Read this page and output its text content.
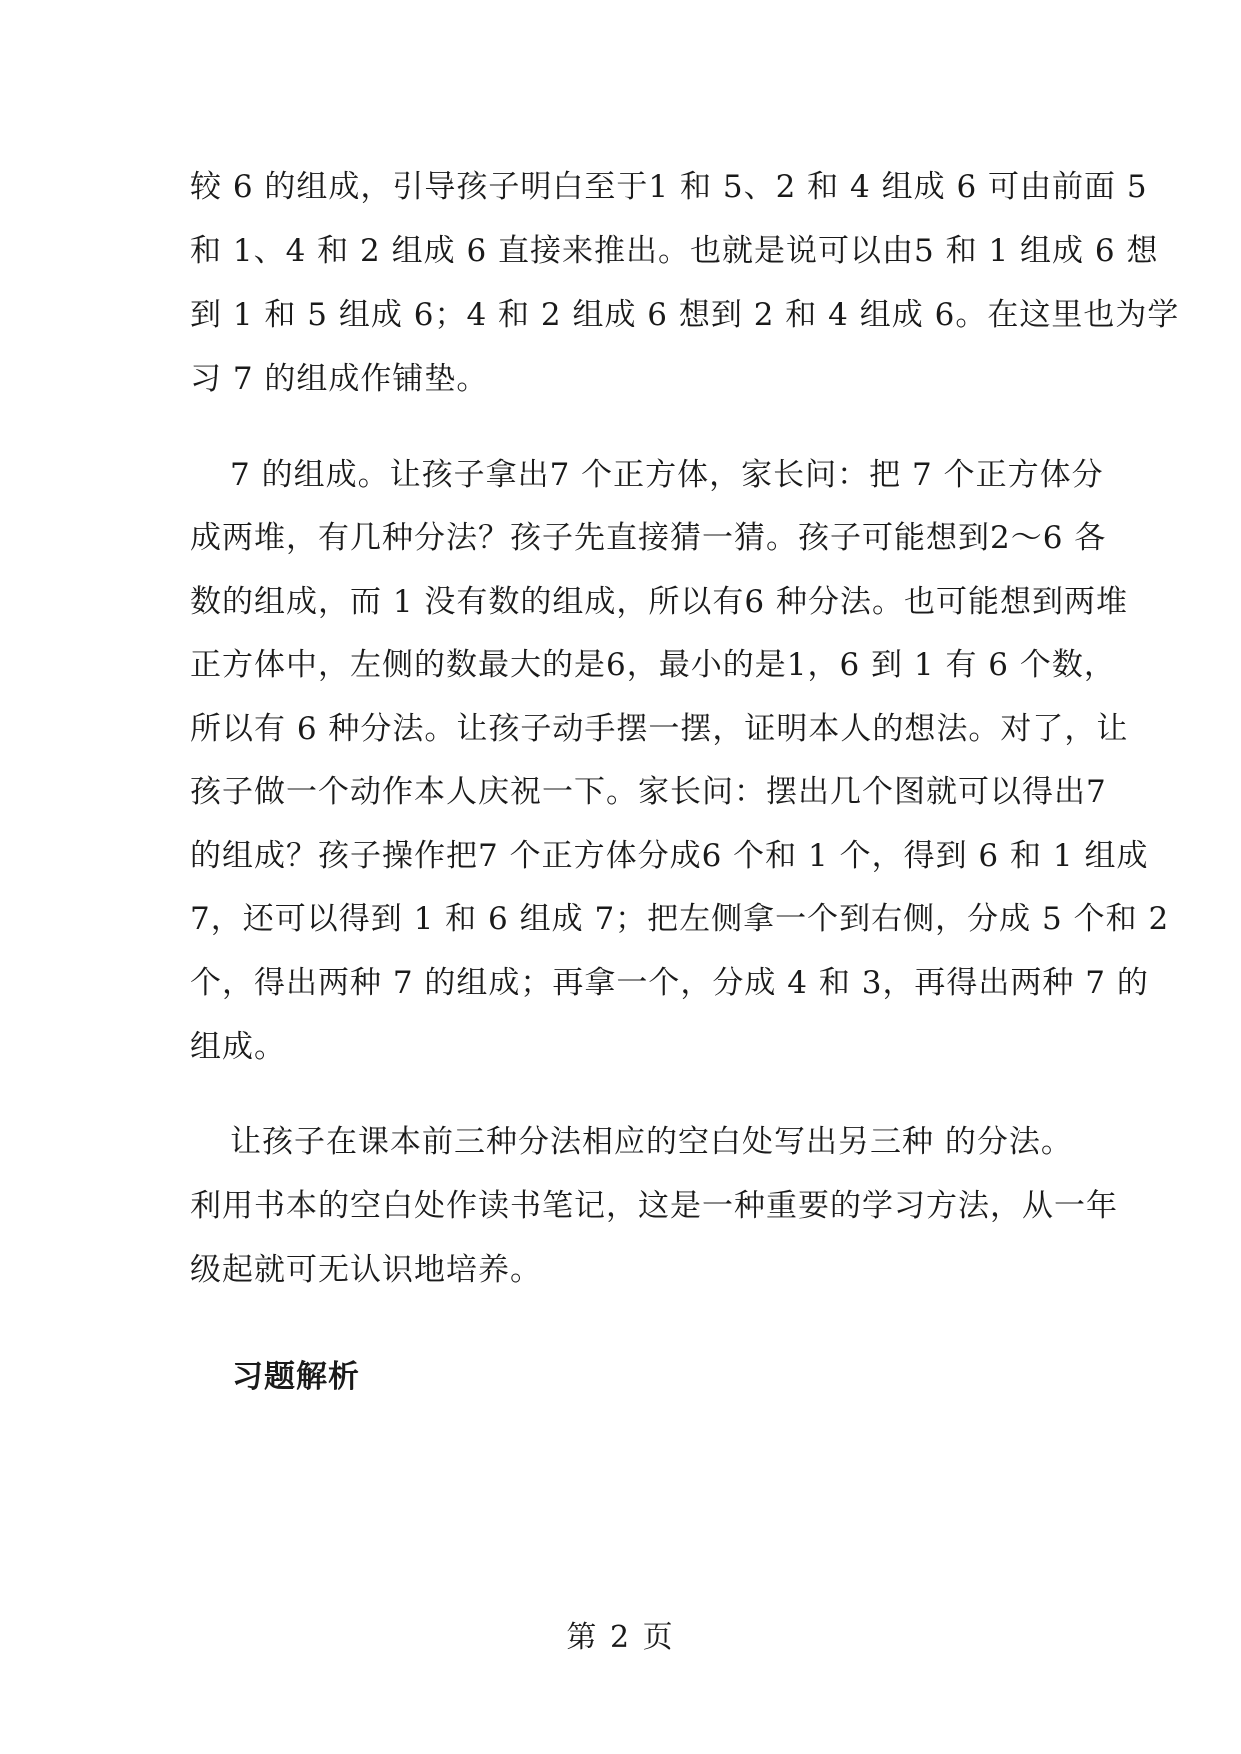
较 6 的组成，引导孩子明白至于1 和 5、2 和 4 组成 6 可由前面 5
和 1、4 和 2 组成 6 直接来推出。也就是说可以由5 和 1 组成 6 想
到 1 和 5 组成 6；4 和 2 组成 6 想到 2 和 4 组成 6。在这里也为学
习 7 的组成作铺垫。
7 的组成。让孩子拿出7 个正方体，家长问：把 7 个正方体分
成两堆，有几种分法？孩子先直接猜一猜。孩子可能想到2～6 各
数的组成，而 1 没有数的组成，所以有6 种分法。也可能想到两堆
正方体中，左侧的数最大的是6，最小的是1，6 到 1 有 6 个数，
所以有 6 种分法。让孩子动手摆一摆，证明本人的想法。对了，让
孩子做一个动作本人庆祝一下。家长问：摆出几个图就可以得出7
的组成？孩子操作把7 个正方体分成6 个和 1 个，得到 6 和 1 组成
7，还可以得到 1 和 6 组成 7；把左侧拿一个到右侧，分成 5 个和 2
个，得出两种 7 的组成；再拿一个，分成 4 和 3，再得出两种 7 的
组成。
让孩子在课本前三种分法相应的空白处写出另三种 的分法。
利用书本的空白处作读书笔记，这是一种重要的学习方法，从一年
级起就可无认识地培养。
习题解析
第 2 页
